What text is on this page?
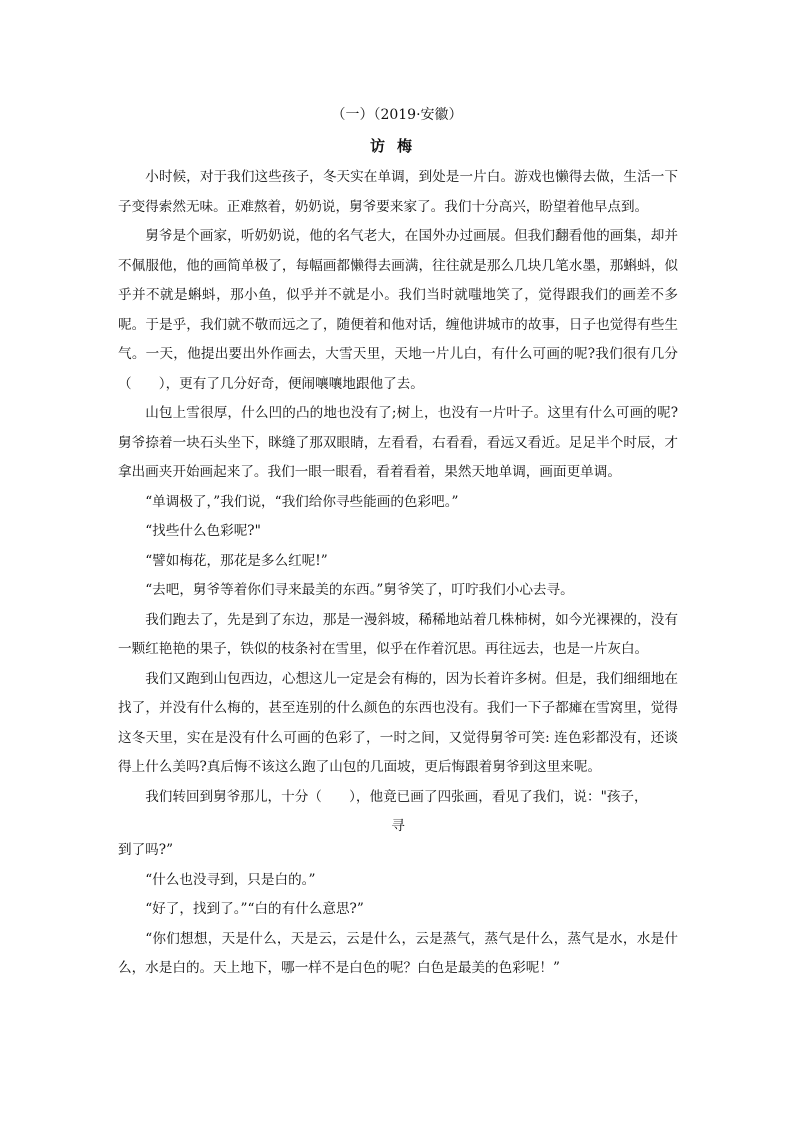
（一）（2019·安徽）
访梅

小时候，对于我们这些孩子，冬天实在单调，到处是一片白。游戏也懒得去做，生活一下子变得索然无味。正难熬着，奶奶说，舅爷要来家了。我们十分高兴，盼望着他早点到。

舅爷是个画家，听奶奶说，他的名气老大，在国外办过画展。但我们翻看他的画集，却并不佩服他，他的画简单极了，每幅画都懒得去画满，往往就是那么几块几笔水墨，那蝌蚪，似乎并不就是蝌蚪，那小鱼，似乎并不就是小。我们当时就嗤地笑了，觉得跟我们的画差不多呢。于是乎，我们就不敬而远之了，随便着和他对话，缠他讲城市的故事，日子也觉得有些生气。一天，他提出要出外作画去，大雪天里，天地一片儿白，有什么可画的呢?我们很有几分（　　），更有了几分好奇，便闹嚷嚷地跟他了去。

山包上雪很厚，什么凹的凸的地也没有了;树上，也没有一片叶子。这里有什么可画的呢?舅爷捺着一块石头坐下，眯缝了那双眼睛，左看看，右看看，看远又看近。足足半个时辰，才拿出画夹开始画起来了。我们一眼一眼看，看着看着，果然天地单调，画面更单调。

“单调极了，”我们说，“我们给你寻些能画的色彩吧。”

“找些什么色彩呢?"

“譬如梅花，那花是多么红呢!”

“去吧，舅爷等着你们寻来最美的东西。”舅爷笑了，叮咛我们小心去寻。

我们跑去了，先是到了东边，那是一漫斜坡，稀稀地站着几株柿树，如今光裸裸的，没有一颗红艳艳的果子，铁似的枝条衬在雪里，似乎在作着沉思。再往远去，也是一片灰白。

我们又跑到山包西边，心想这儿一定是会有梅的，因为长着许多树。但是，我们细细地在找了，并没有什么梅的，甚至连别的什么颜色的东西也没有。我们一下子都瘫在雪窝里，觉得这冬天里，实在是没有什么可画的色彩了，一时之间，又觉得舅爷可笑: 连色彩都没有，还谈得上什么美吗?真后悔不该这么跑了山包的几面坡，更后悔跟着舅爷到这里来呢。

我们转回到舅爷那儿，十分（　　），他竟已画了四张画，看见了我们，说："孩子，

寻

到了吗?”

“什么也没寻到，只是白的。”

“好了，找到了。”“白的有什么意思?”

“你们想想，天是什么，天是云，云是什么，云是蒸气，蒸气是什么，蒸气是水，水是什么，水是白的。天上地下，哪一样不是白色的呢？白色是最美的色彩呢！”
